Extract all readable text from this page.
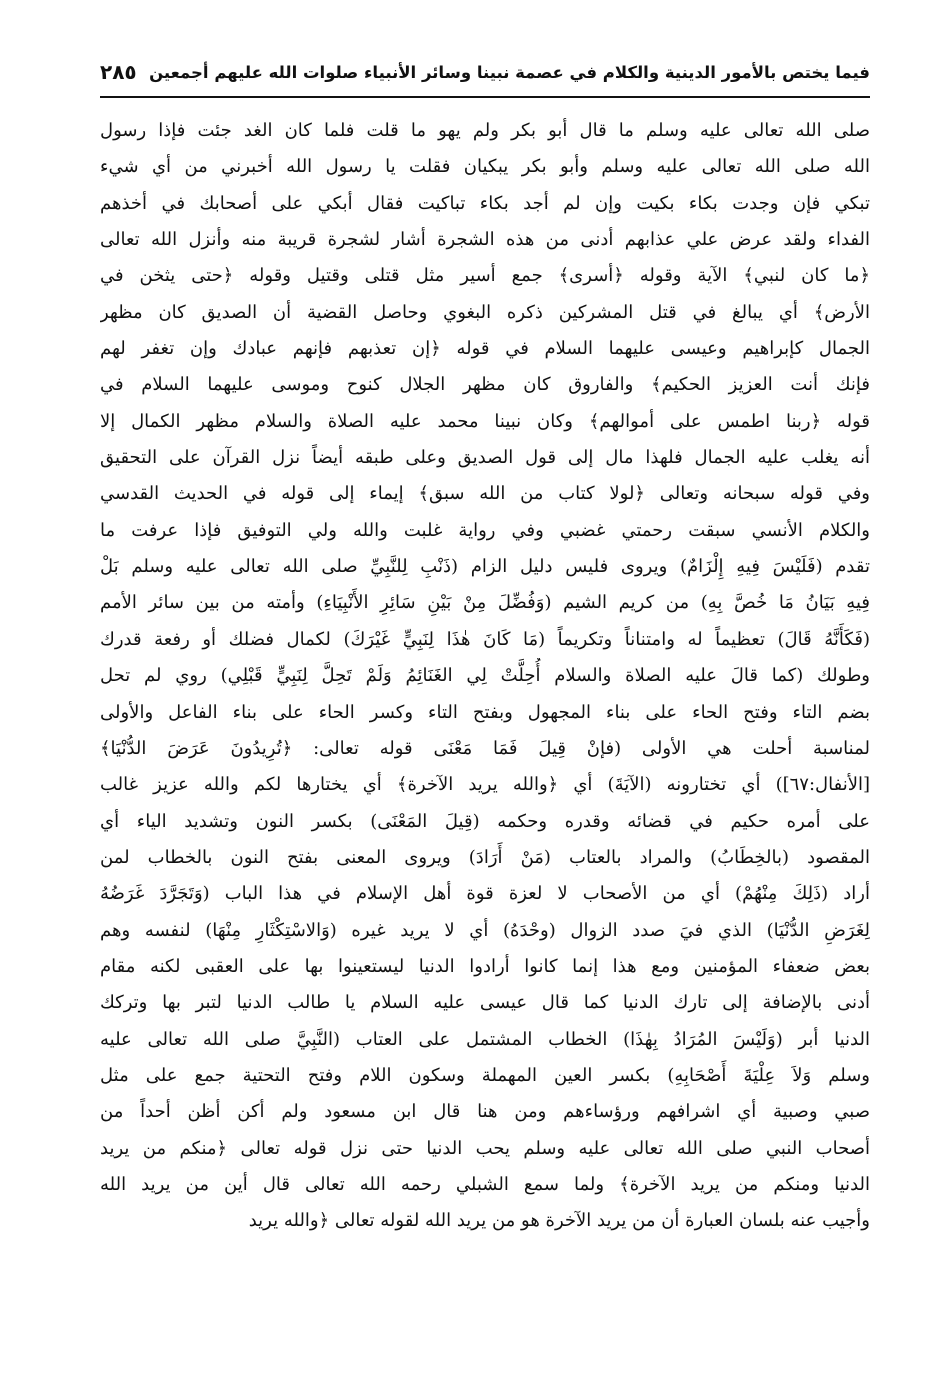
فيما يختص بالأمور الدينية والكلام في عصمة نبينا وسائر الأنبياء صلوات الله عليهم أجمعين
٢٨٥
صلى الله تعالى عليه وسلم ما قال أبو بكر ولم يهو ما قلت فلما كان الغد جئت فإذا رسول
الله صلى الله تعالى عليه وسلم وأبو بكر يبكيان فقلت يا رسول الله أخبرني من أي شيء
تبكي فإن وجدت بكاء بكيت وإن لم أجد بكاء تباكيت فقال أبكي على أصحابك في أخذهم
الفداء ولقد عرض علي عذابهم أدنى من هذه الشجرة أشار لشجرة قريبة منه وأنزل الله تعالى
﴿ما كان لنبي﴾ الآية وقوله ﴿أسرى﴾ جمع أسير مثل قتلى وقتيل وقوله ﴿حتى يثخن في
الأرض﴾ أي يبالغ في قتل المشركين ذكره البغوي وحاصل القضية أن الصديق كان مظهر
الجمال كإبراهيم وعيسى عليهما السلام في قوله ﴿إن تعذبهم فإنهم عبادك وإن تغفر لهم
فإنك أنت العزيز الحكيم﴾ والفاروق كان مظهر الجلال كنوح وموسى عليهما السلام في
قوله ﴿ربنا اطمس على أموالهم﴾ وكان نبينا محمد عليه الصلاة والسلام مظهر الكمال إلا
أنه يغلب عليه الجمال فلهذا مال إلى قول الصديق وعلى طبقه أيضاً نزل القرآن على التحقيق
وفي قوله سبحانه وتعالى ﴿لولا كتاب من الله سبق﴾ إيماء إلى قوله في الحديث القدسي
والكلام الأنسي سبقت رحمتي غضبي وفي رواية غلبت والله ولي التوفيق فإذا عرفت ما
تقدم (فَلَيْسَ فِيهِ إِلْزَامٌ) ويروى فليس دليل الزام (ذَنْبِ لِلنَّبِيِّ صلى الله تعالى عليه وسلم بَلْ
فِيهِ بَيَانُ مَا خُصَّ بِهِ) من كريم الشيم (وَفُضِّلَ مِنْ بَيْنِ سَائِرِ الأَنْبِيَاءِ) وأمته من بين سائر الأمم
(فَكَأَنَّهُ قَالَ) تعظيماً له وامتناناً وتكريماً (مَا كَانَ هٰذَا لِنَبِيٍّ غَيْرَكَ) لكمال فضلك أو رفعة قدرك
وطولك (كما قالَ عليه الصلاة والسلام أُحِلَّتْ لِي الغَنَائِمُ وَلَمْ تَحِلَّ لِنَبِيٍّ قَبْلِي) روي لم تحل
بضم التاء وفتح الحاء على بناء المجهول وبفتح التاء وكسر الحاء على بناء الفاعل والأولى
لمناسبة أحلت هي الأولى (فإنْ قِيلَ فَمَا مَعْنَى قوله تعالى: ﴿تُرِيدُونَ عَرَضَ الدُّنْيَا﴾
[الأنفال:٦٧]) أي تختارونه (الآيَةَ) أي ﴿والله يريد الآخرة﴾ أي يختارها لكم والله عزيز غالب
على أمره حكيم في قضائه وقدره وحكمه (قِيلَ المَعْنَى) بكسر النون وتشديد الياء أي
المقصود (بالخِطَابُ) والمراد بالعتاب (مَنْ أَرَادَ) ويروى المعنى بفتح النون بالخطاب لمن
أراد (ذَلِكَ مِنْهُمْ) أي من الأصحاب لا لعزة قوة أهل الإسلام في هذا الباب (وَتَجَرَّدَ غَرَضُهُ
لِغَرَضِ الدُّنْيَا) الذي فيَ صدد الزوال (وحْدَهُ) أي لا يريد غيره (وَالاسْتِكْثَارِ مِنْهَا) لنفسه وهم
بعض ضعفاء المؤمنين ومع هذا إنما كانوا أرادوا الدنيا ليستعينوا بها على العقبى لكنه مقام
أدنى بالإضافة إلى تارك الدنيا كما قال عيسى عليه السلام يا طالب الدنيا لتبر بها وتركك
الدنيا أبر (وَلَيْسَ المُرَادُ بِهٰذَا) الخطاب المشتمل على العتاب (النَّبِيَّ صلى الله تعالى عليه
وسلم وَلاَ عِلْيَةَ أَصْحَابِهِ) بكسر العين المهملة وسكون اللام وفتح التحتية جمع على مثل
صبي وصبية أي اشرافهم ورؤساءهم ومن هنا قال ابن مسعود ولم أكن أظن أحداً من
أصحاب النبي صلى الله تعالى عليه وسلم يحب الدنيا حتى نزل قوله تعالى ﴿منكم من يريد
الدنيا ومنكم من يريد الآخرة﴾ ولما سمع الشبلي رحمه الله تعالى قال أين من يريد الله
وأجيب عنه بلسان العبارة أن من يريد الآخرة هو من يريد الله لقوله تعالى ﴿والله يريد
